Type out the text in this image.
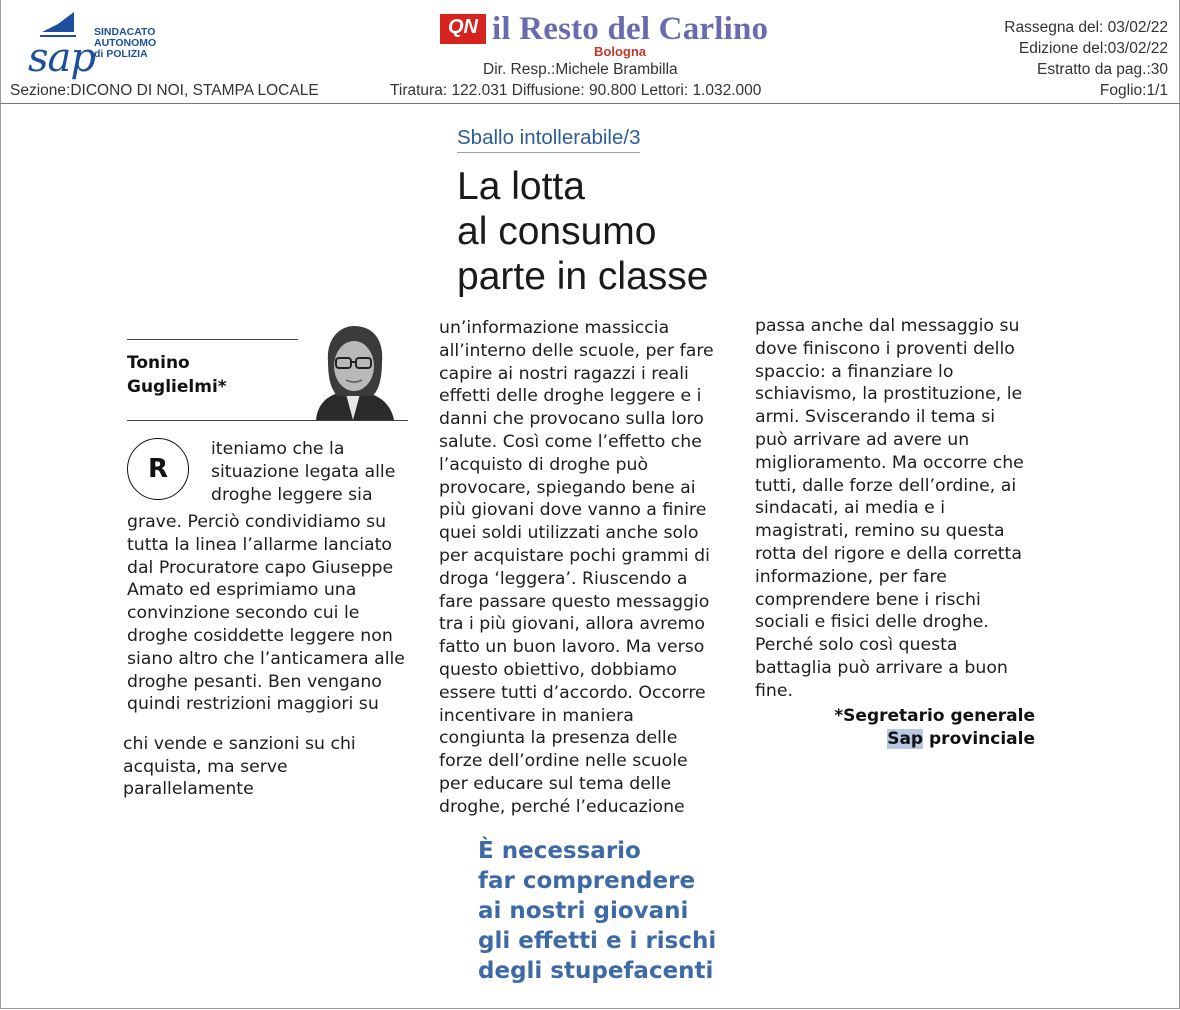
sap
SINDACATO
AUTONOMO
di POLIZIA
Sezione:DICONO DI NOI, STAMPA LOCALE
QN il Resto del Carlino
Bologna
Dir. Resp.:Michele Brambilla
Tiratura: 122.031 Diffusione: 90.800 Lettori: 1.032.000
Rassegna del: 03/02/22
Edizione del:03/02/22
Estratto da pag.:30
Foglio:1/1
Sballo intollerabile/3
La lotta
al consumo
parte in classe
Tonino
Guglielmi*
R
iteniamo che la
situazione legata alle
droghe leggere sia
grave. Perciò condividiamo su
tutta la linea l’allarme lanciato
dal Procuratore capo Giuseppe
Amato ed esprimiamo una
convinzione secondo cui le
droghe cosiddette leggere non
siano altro che l’anticamera alle
droghe pesanti. Ben vengano
quindi restrizioni maggiori su
chi vende e sanzioni su chi
acquista, ma serve
parallelamente
un’informazione massiccia
all’interno delle scuole, per fare
capire ai nostri ragazzi i reali
effetti delle droghe leggere e i
danni che provocano sulla loro
salute. Così come l’effetto che
l’acquisto di droghe può
provocare, spiegando bene ai
più giovani dove vanno a finire
quei soldi utilizzati anche solo
per acquistare pochi grammi di
droga ‘leggera’. Riuscendo a
fare passare questo messaggio
tra i più giovani, allora avremo
fatto un buon lavoro. Ma verso
questo obiettivo, dobbiamo
essere tutti d’accordo. Occorre
incentivare in maniera
congiunta la presenza delle
forze dell’ordine nelle scuole
per educare sul tema delle
droghe, perché l’educazione
passa anche dal messaggio su
dove finiscono i proventi dello
spaccio: a finanziare lo
schiavismo, la prostituzione, le
armi. Sviscerando il tema si
può arrivare ad avere un
miglioramento. Ma occorre che
tutti, dalle forze dell’ordine, ai
sindacati, ai media e i
magistrati, remino su questa
rotta del rigore e della corretta
informazione, per fare
comprendere bene i rischi
sociali e fisici delle droghe.
Perché solo così questa
battaglia può arrivare a buon
fine.
*Segretario generale
Sap provinciale
È necessario
far comprendere
ai nostri giovani
gli effetti e i rischi
degli stupefacenti
